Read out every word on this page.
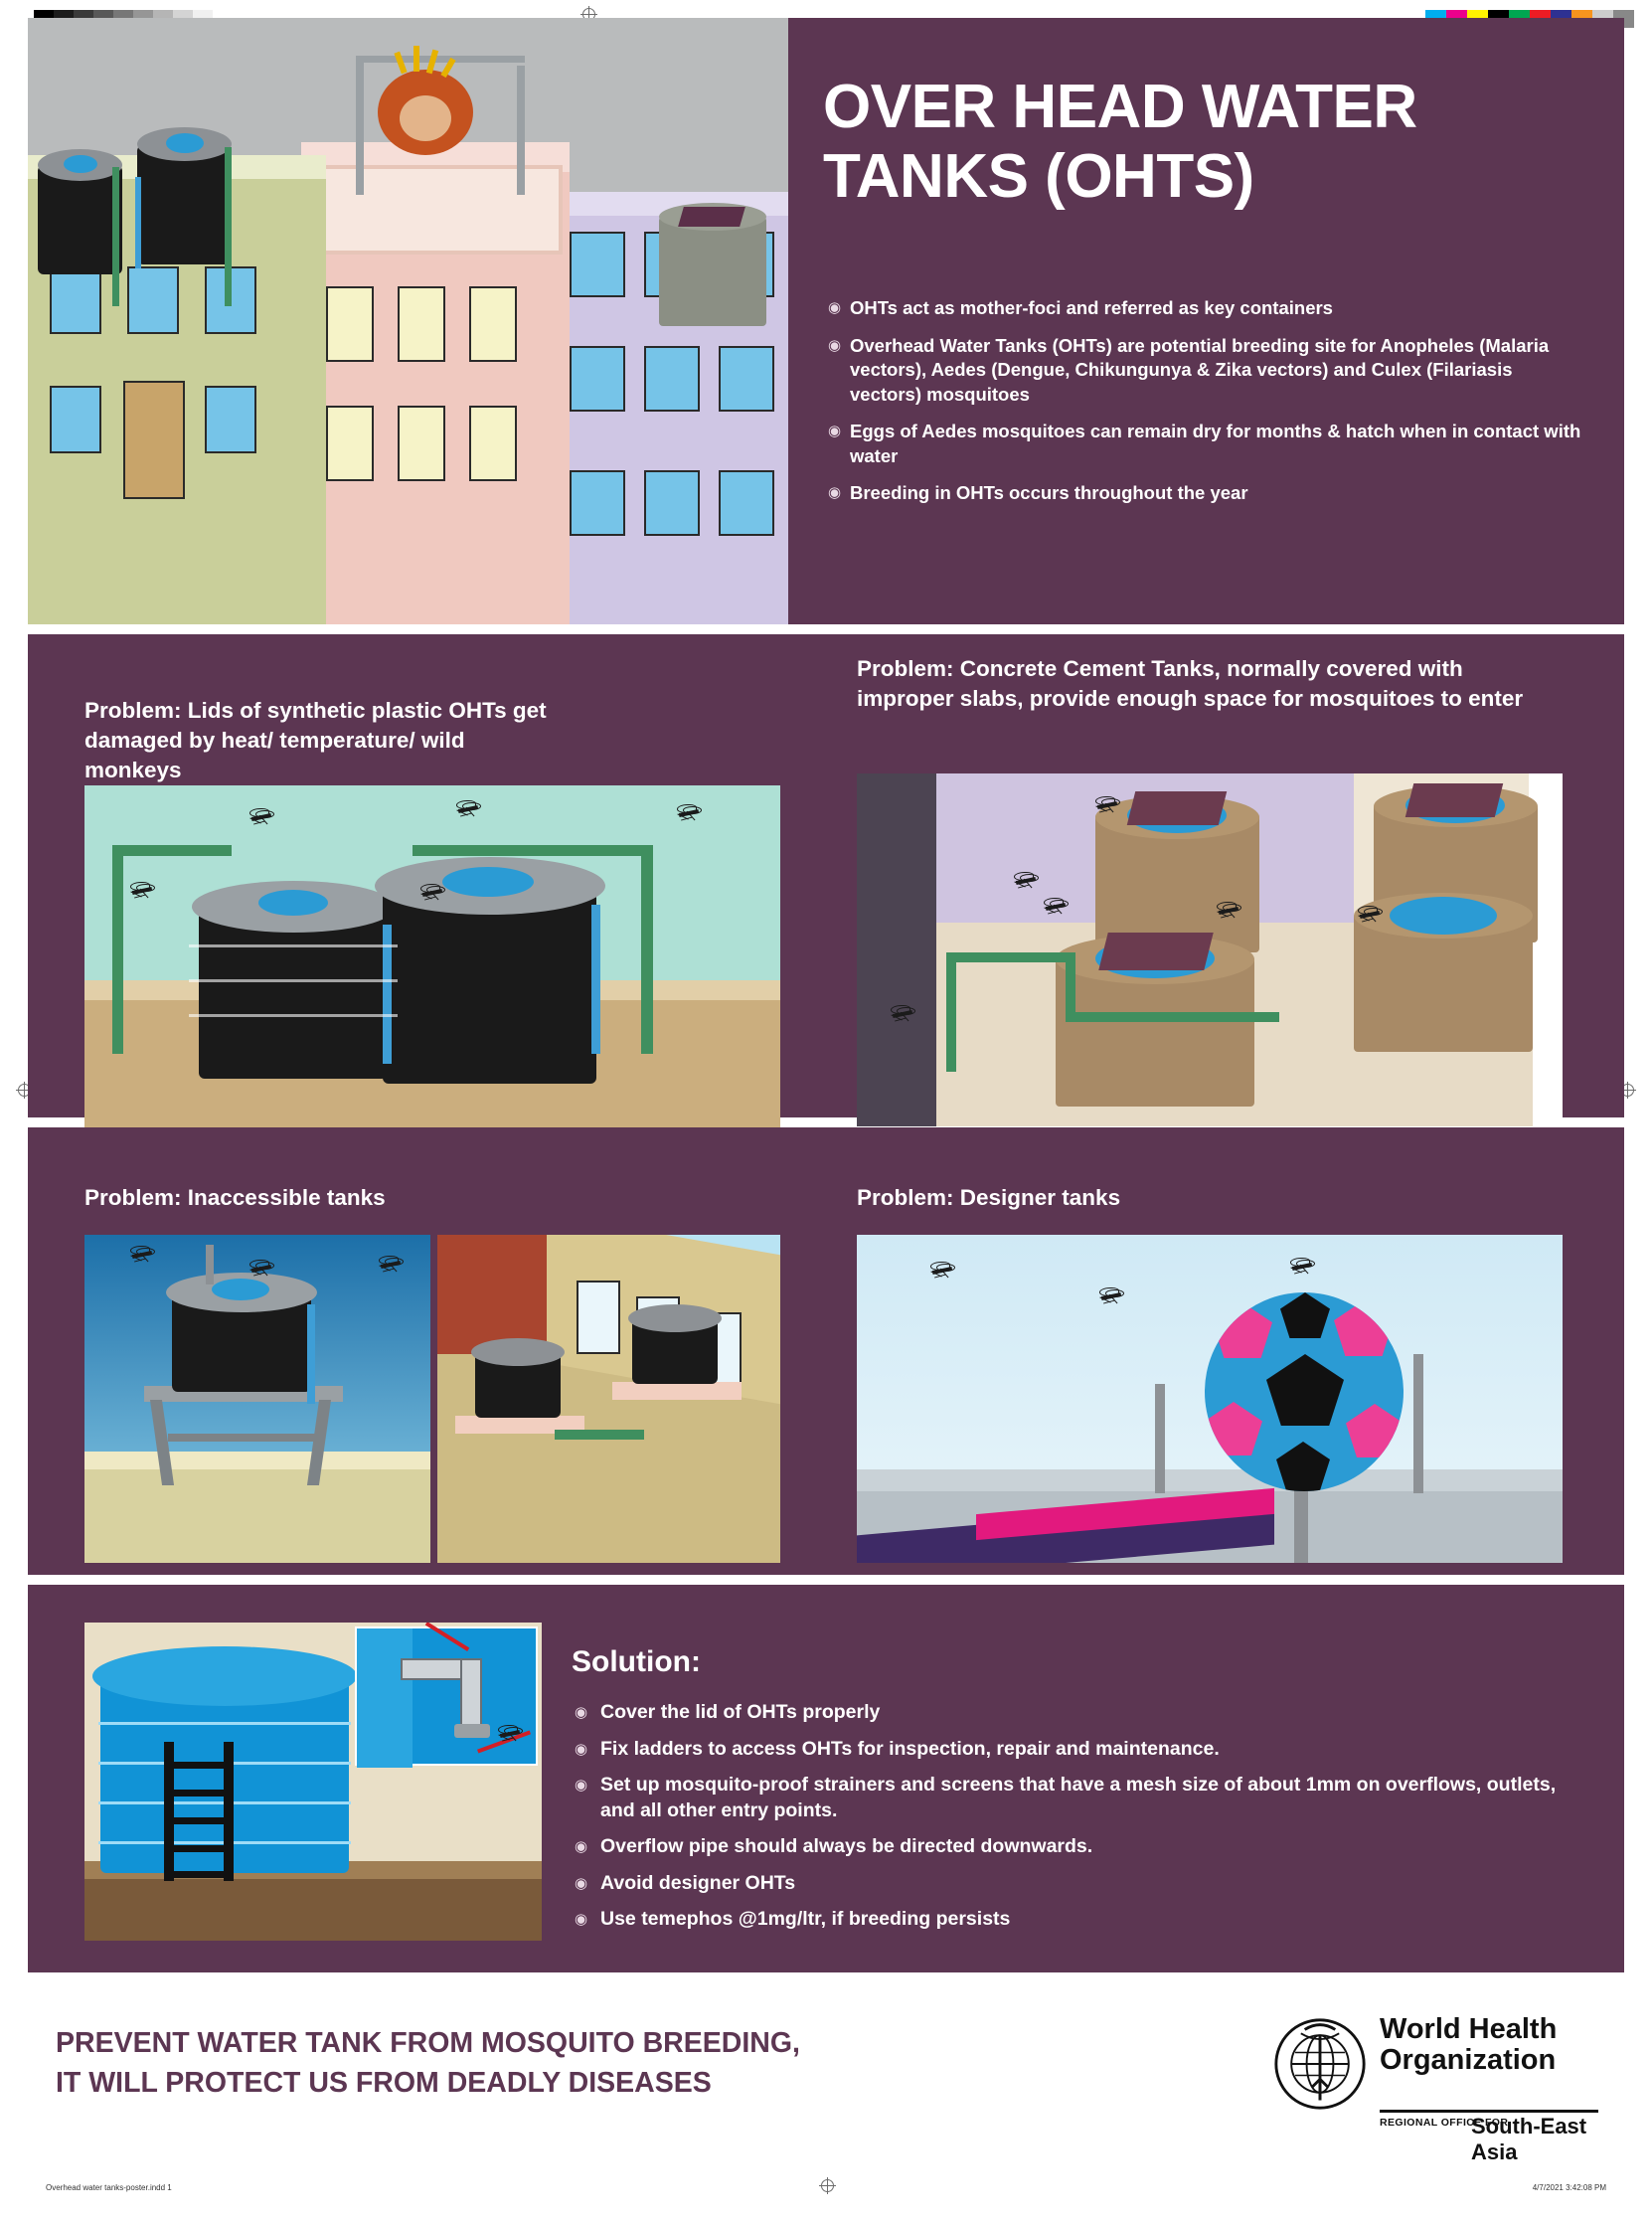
OVER HEAD WATER
TANKS (OHTS)
◉ OHTs act as mother-foci and referred as key containers
◉ Overhead Water Tanks (OHTs) are potential breeding site for Anopheles (Malaria vectors), Aedes (Dengue, Chikungunya & Zika vectors) and Culex (Filariasis vectors) mosquitoes
◉ Eggs of Aedes mosquitoes can remain dry for months & hatch when in contact with water
◉ Breeding in OHTs occurs throughout the year
Problem: Lids of synthetic plastic OHTs get damaged by heat/ temperature/ wild monkeys
Problem: Concrete Cement Tanks, normally covered with improper slabs, provide enough space for mosquitoes to enter
Problem: Inaccessible tanks	Problem: Designer tanks
Solution:
◉ Cover the lid of OHTs properly
◉ Fix ladders to access OHTs for inspection, repair and maintenance.
◉ Set up mosquito-proof strainers and screens that have a mesh size of about 1mm on overflows, outlets, and all other entry points.
◉ Overflow pipe should always be directed downwards.
◉ Avoid designer OHTs
◉ Use temephos @1mg/ltr, if breeding persists
PREVENT WATER TANK FROM MOSQUITO BREEDING,
IT WILL PROTECT US FROM DEADLY DISEASES
World Health
Organization
REGIONAL OFFICE FOR
South-East Asia
Overhead water tanks-poster.indd 1	4/7/2021 3:42:08 PM
